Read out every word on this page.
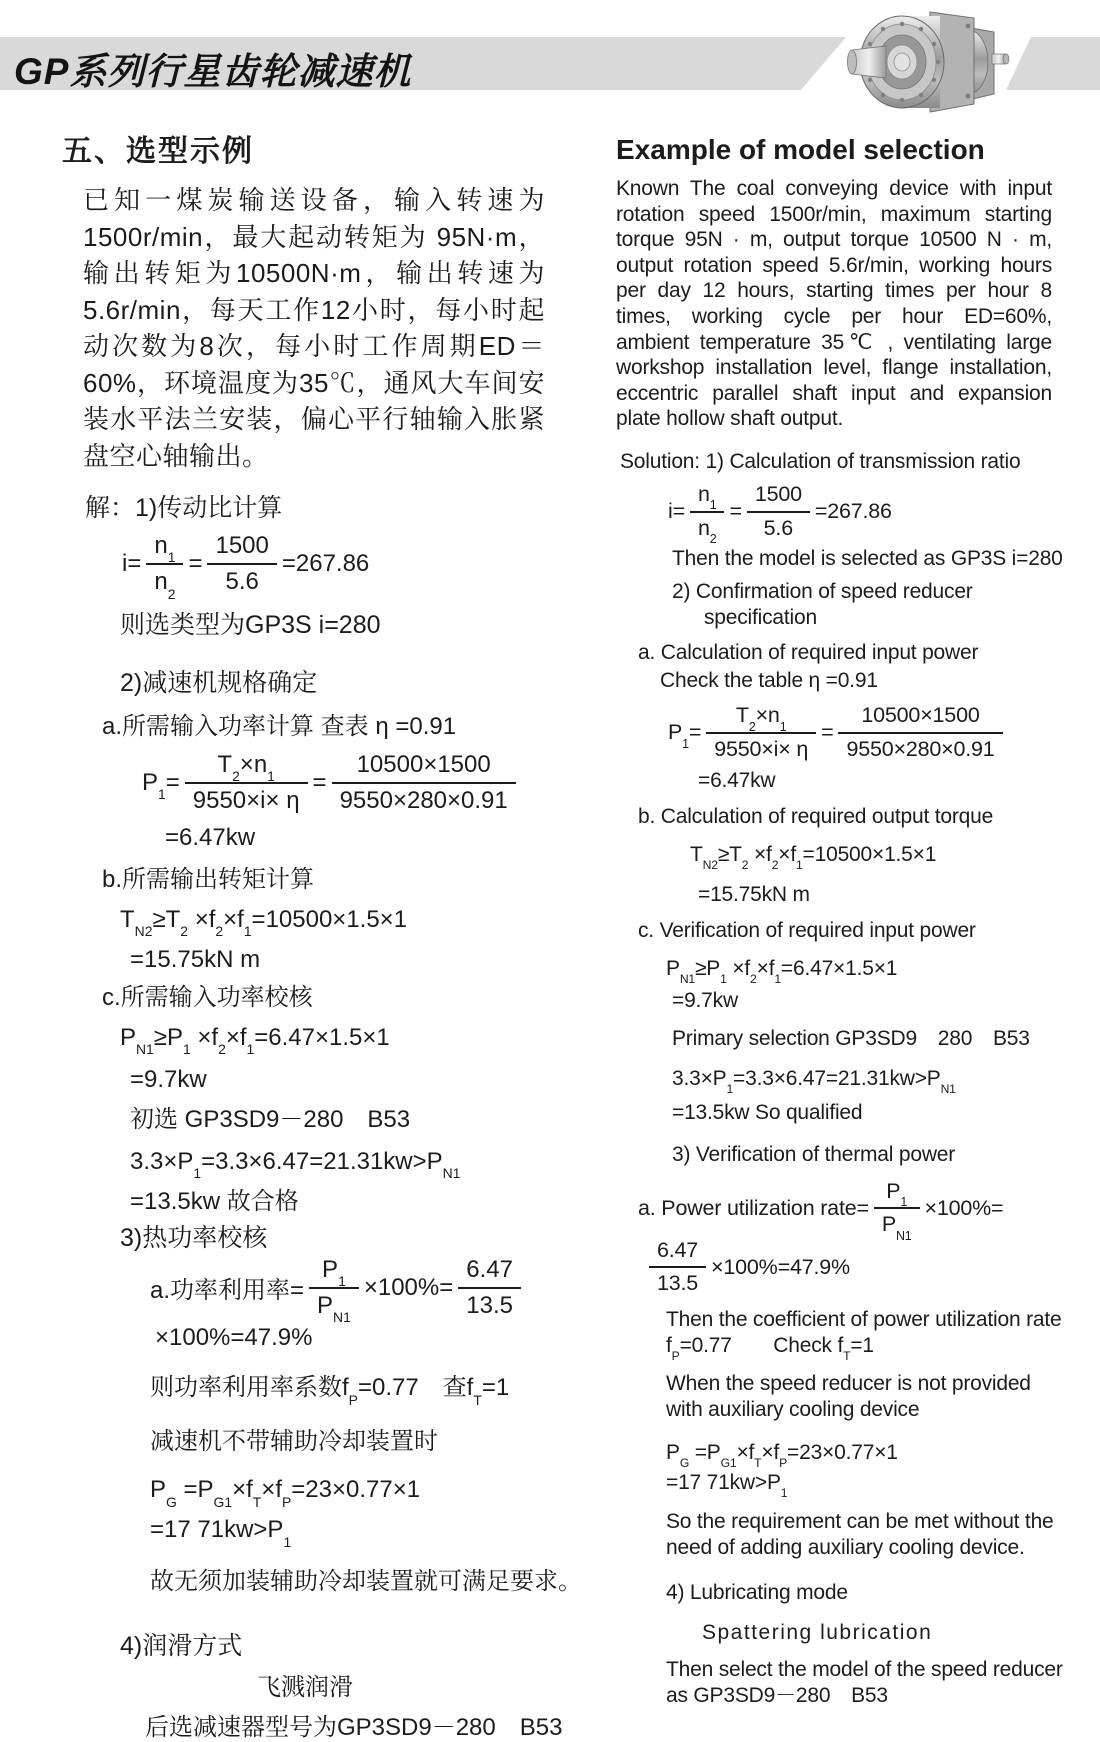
GP系列行星齿轮减速机
五、选型示例
已知一煤炭输送设备，输入转速为1500r/min，最大起动转矩为 95N·m，输出转矩为10500N·m，输出转速为5.6r/min，每天工作12小时，每小时起动次数为8次，每小时工作周期ED＝60%，环境温度为35℃，通风大车间安装水平法兰安装，偏心平行轴输入胀紧盘空心轴输出。
解：1)传动比计算
$i= \frac{n_1}{n_2} = \frac{1500}{5.6} =267.86$
则选类型为GP3S i=280
2)减速机规格确定
a.所需输入功率计算 查表 η =0.91
$P_1= \frac{T_2\times n_1}{9550\times i\times \eta} = \frac{10500\times 1500}{9550\times 280\times 0.91}$
=6.47kw
b.所需输出转矩计算
$T_{N2}\ge T_2 \times f_2\times f_1=10500\times 1.5\times 1$
=15.75kN m
c.所需输入功率校核
$P_{N1}\ge P_1 \times f_2\times f_1=6.47\times 1.5\times 1$
=9.7kw
初选 GP3SD9－280　B53
$3.3\times P_1=3.3\times 6.47=21.31kw>P_{N1}$
=13.5kw 故合格
3)热功率校核
a.功率利用率= $\frac{P_1}{P_{N1}} \times 100\%= \frac{6.47}{13.5}$
×100%=47.9%
则功率利用率系数$f_P=0.77$　查$f_T=1$
减速机不带辅助冷却装置时
$P_G =P_{G1}\times f_T\times f_P=23\times 0.77\times 1$
=17 $71kw>P_1$
故无须加装辅助冷却装置就可满足要求。
4)润滑方式
飞溅润滑
后选减速器型号为GP3SD9－280　B53
Example of model selection
Known The coal conveying device with input rotation speed 1500r/min, maximum starting torque 95N · m, output torque 10500 N · m, output rotation speed 5.6r/min, working hours per day 12 hours, starting times per hour 8 times, working cycle per hour ED=60%, ambient temperature 35℃ , ventilating large workshop installation level, flange installation, eccentric parallel shaft input and expansion plate hollow shaft output.
Solution: 1) Calculation of transmission ratio
$i= \frac{n_1}{n_2} = \frac{1500}{5.6} =267.86$
Then the model is selected as GP3S i=280
2) Confirmation of speed reducer specification
a. Calculation of required input power
Check the table η =0.91
$P_1= \frac{T_2\times n_1}{9550\times i\times \eta} = \frac{10500\times 1500}{9550\times 280\times 0.91}$
=6.47kw
b. Calculation of required output torque
$T_{N2}\ge T_2 \times f_2\times f_1=10500\times 1.5\times 1$
=15.75kN m
c. Verification of required input power
$P_{N1}\ge P_1 \times f_2\times f_1=6.47\times 1.5\times 1$
=9.7kw
Primary selection GP3SD9　280　B53
$3.3\times P_1=3.3\times 6.47=21.31kw>P_{N1}$
=13.5kw So qualified
3) Verification of thermal power
a. Power utilization rate= $\frac{P_1}{P_{N1}} \times 100\%=$
$\frac{6.47}{13.5} \times 100\%=47.9\%$
Then the coefficient of power utilization rate $f_P=0.77$　　Check $f_T=1$
When the speed reducer is not provided with auxiliary cooling device
$P_G =P_{G1}\times f_T\times f_P=23\times 0.77\times 1$
=17 $71kw>P_1$
So the requirement can be met without the need of adding auxiliary cooling device.
4) Lubricating mode
Spattering lubrication
Then select the model of the speed reducer as GP3SD9－280　B53
